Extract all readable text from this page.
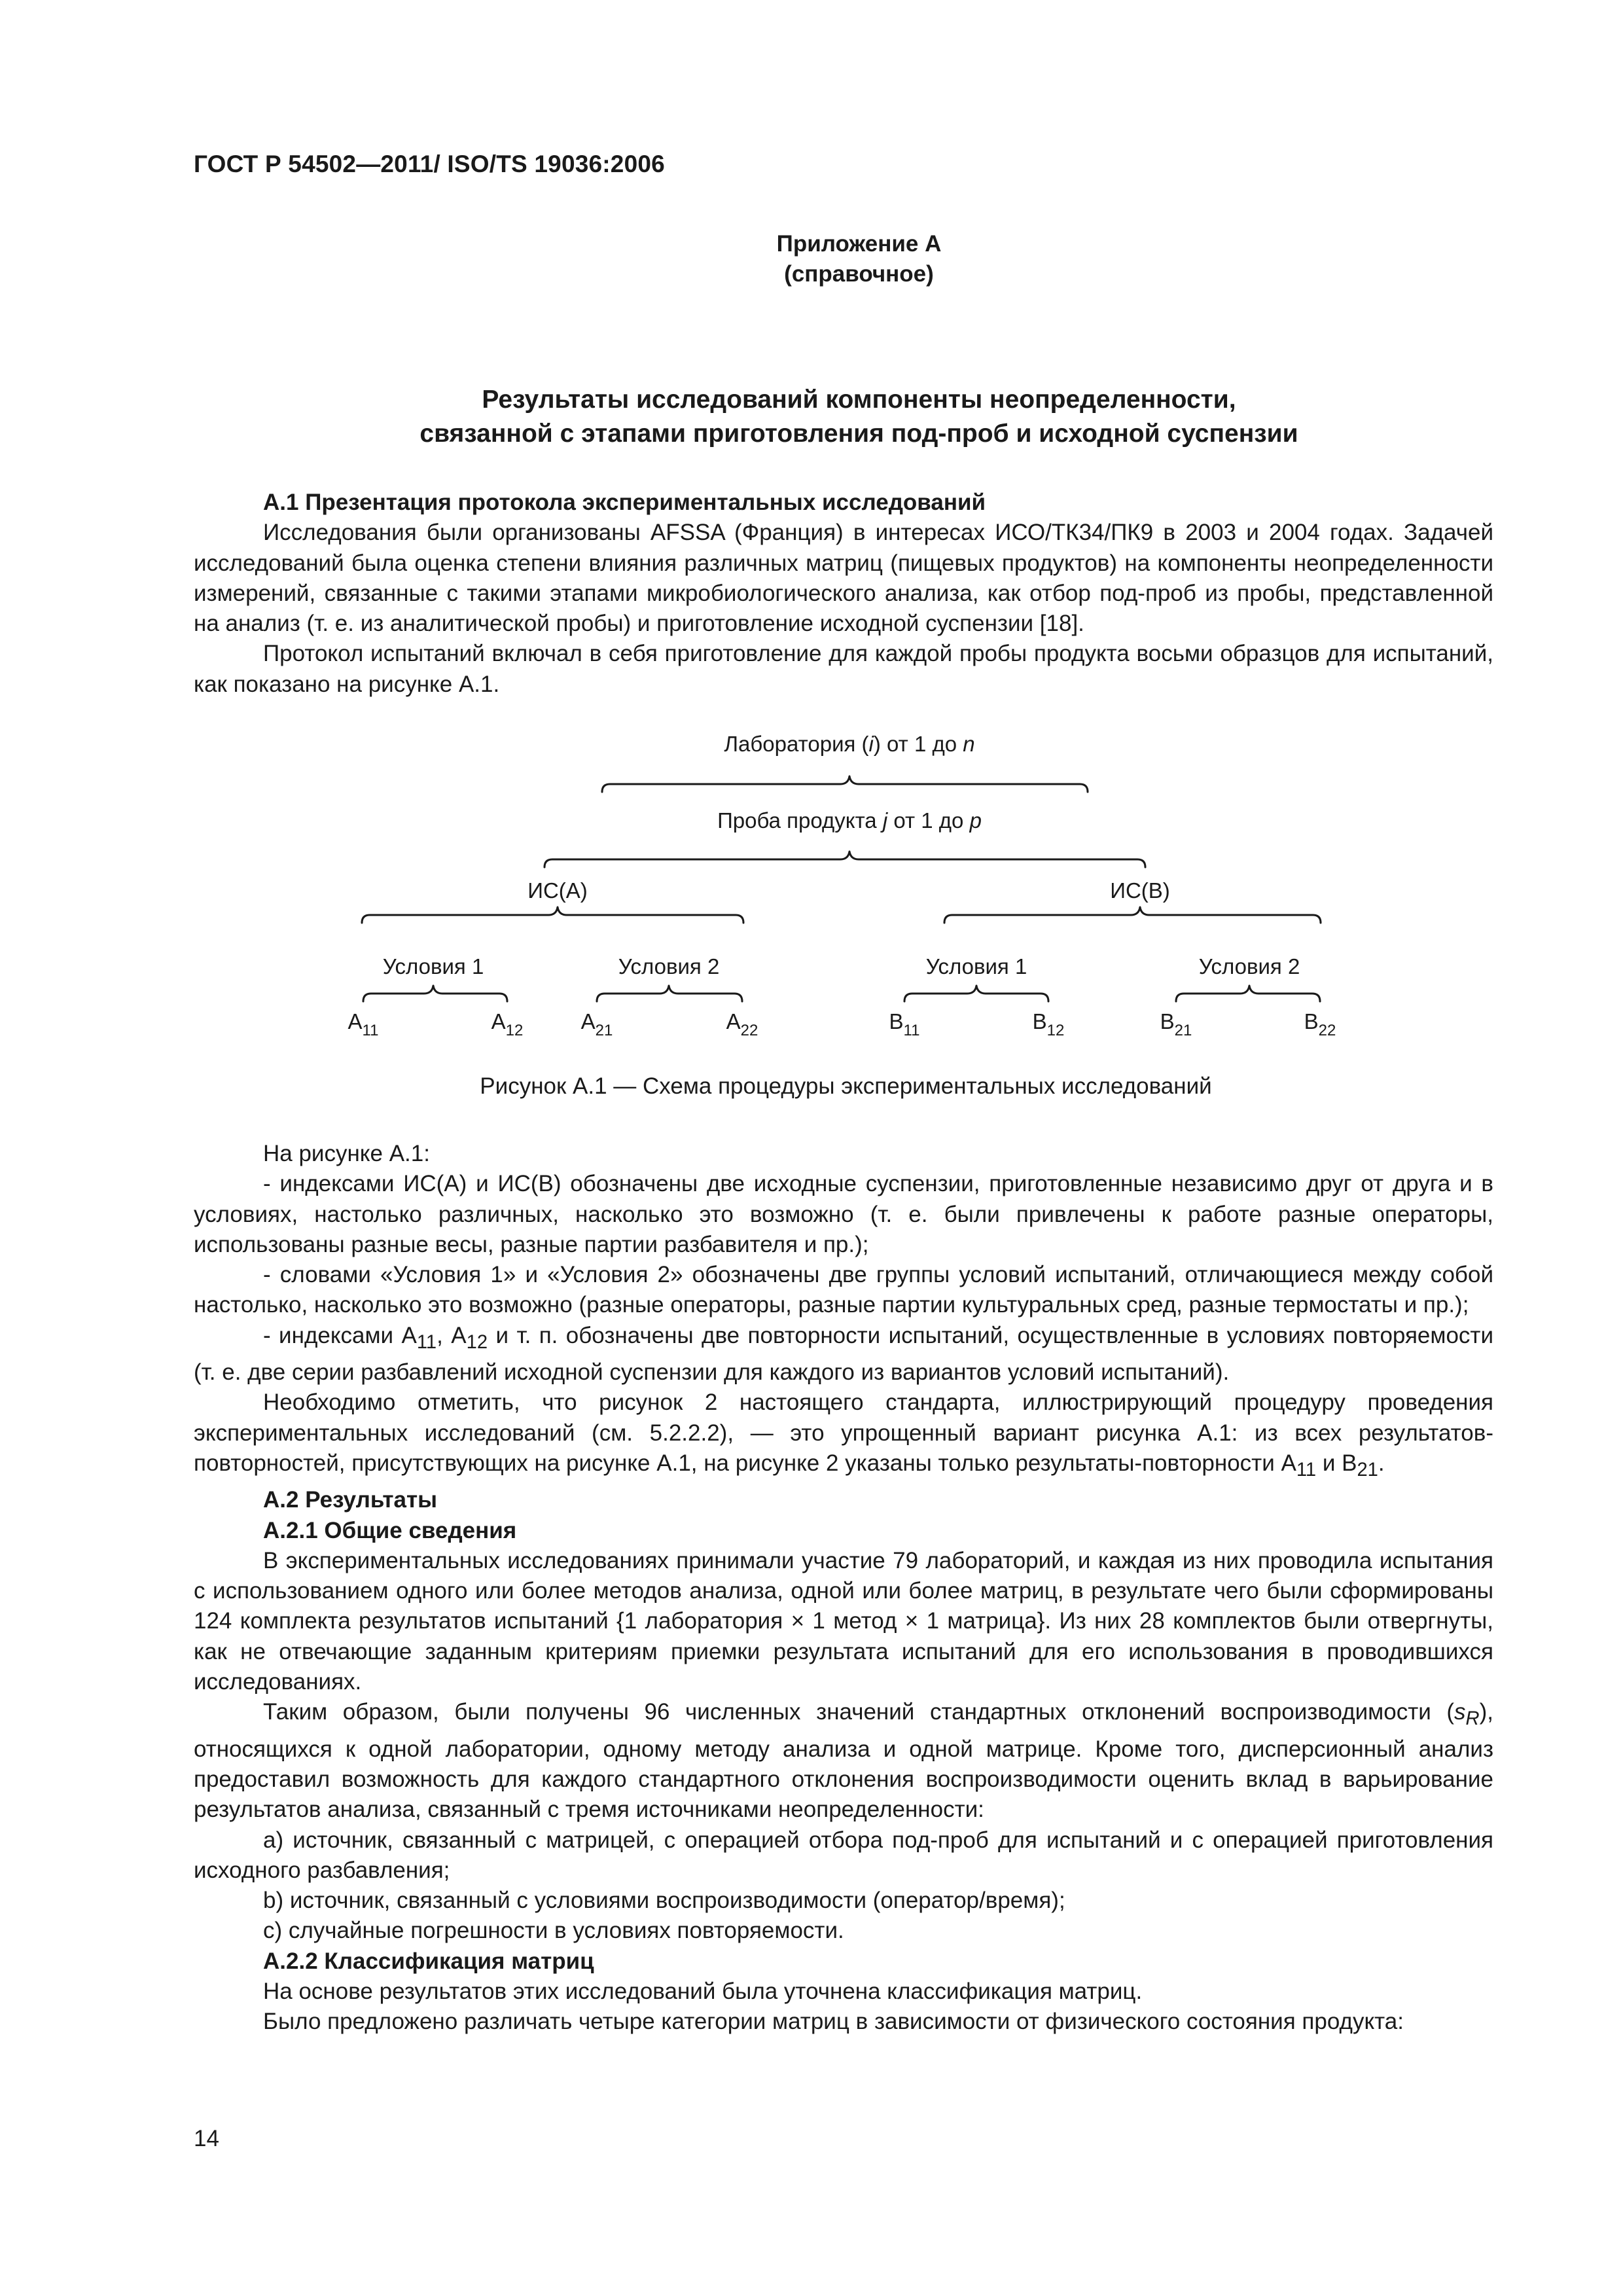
ГОСТ Р 54502—2011/ ISO/TS 19036:2006
Приложение А
(справочное)
Результаты исследований компоненты неопределенности,
связанной с этапами приготовления под-проб и исходной суспензии

А.1 Презентация протокола экспериментальных исследований

Исследования были организованы AFSSA (Франция) в интересах ИСО/ТК34/ПК9 в 2003 и 2004 годах. Задачей исследований была оценка степени влияния различных матриц (пищевых продуктов) на компоненты неопределенности измерений, связанные с такими этапами микробиологического анализа, как отбор под-проб из пробы, представленной на анализ (т. е. из аналитической пробы) и приготовление исходной суспензии [18].

Протокол испытаний включал в себя приготовление для каждой пробы продукта восьми образцов для испытаний, как показано на рисунке А.1.

Лаборатория (i) от 1 до n
Проба продукта j от 1 до p
ИС(А)	ИС(В)
Условия 1	Условия 2	Условия 1	Условия 2
$A_{11}$	$A_{12}$	$A_{21}$	$A_{22}$	$B_{11}$	$B_{12}$	$B_{21}$	$B_{22}$
Рисунок А.1 — Схема процедуры экспериментальных исследований

На рисунке А.1:

- индексами ИС(А) и ИС(В) обозначены две исходные суспензии, приготовленные независимо друг от друга и в условиях, настолько различных, насколько это возможно (т. е. были привлечены к работе разные операторы, использованы разные весы, разные партии разбавителя и пр.);

- словами «Условия 1» и «Условия 2» обозначены две группы условий испытаний, отличающиеся между собой настолько, насколько это возможно (разные операторы, разные партии культуральных сред, разные термостаты и пр.);

- индексами $А_{11}$, $А_{12}$ и т. п. обозначены две повторности испытаний, осуществленные в условиях повторяемости (т. е. две серии разбавлений исходной суспензии для каждого из вариантов условий испытаний).

Необходимо отметить, что рисунок 2 настоящего стандарта, иллюстрирующий процедуру проведения экспериментальных исследований (см. 5.2.2.2), — это упрощенный вариант рисунка А.1: из всех результатов-повторностей, присутствующих на рисунке А.1, на рисунке 2 указаны только результаты-повторности $А_{11}$ и $В_{21}$.

А.2 Результаты

А.2.1 Общие сведения

В экспериментальных исследованиях принимали участие 79 лабораторий, и каждая из них проводила испытания с использованием одного или более методов анализа, одной или более матриц, в результате чего были сформированы 124 комплекта результатов испытаний {1 лаборатория × 1 метод × 1 матрица}. Из них 28 комплектов были отвергнуты, как не отвечающие заданным критериям приемки результата испытаний для его использования в проводившихся исследованиях.

Таким образом, были получены 96 численных значений стандартных отклонений воспроизводимости $(s_R)$, относящихся к одной лаборатории, одному методу анализа и одной матрице. Кроме того, дисперсионный анализ предоставил возможность для каждого стандартного отклонения воспроизводимости оценить вклад в варьирование результатов анализа, связанный с тремя источниками неопределенности:

а) источник, связанный с матрицей, с операцией отбора под-проб для испытаний и с операцией приготовления исходного разбавления;

b) источник, связанный с условиями воспроизводимости (оператор/время);

с) случайные погрешности в условиях повторяемости.

А.2.2 Классификация матриц

На основе результатов этих исследований была уточнена классификация матриц.

Было предложено различать четыре категории матриц в зависимости от физического состояния продукта:

14
